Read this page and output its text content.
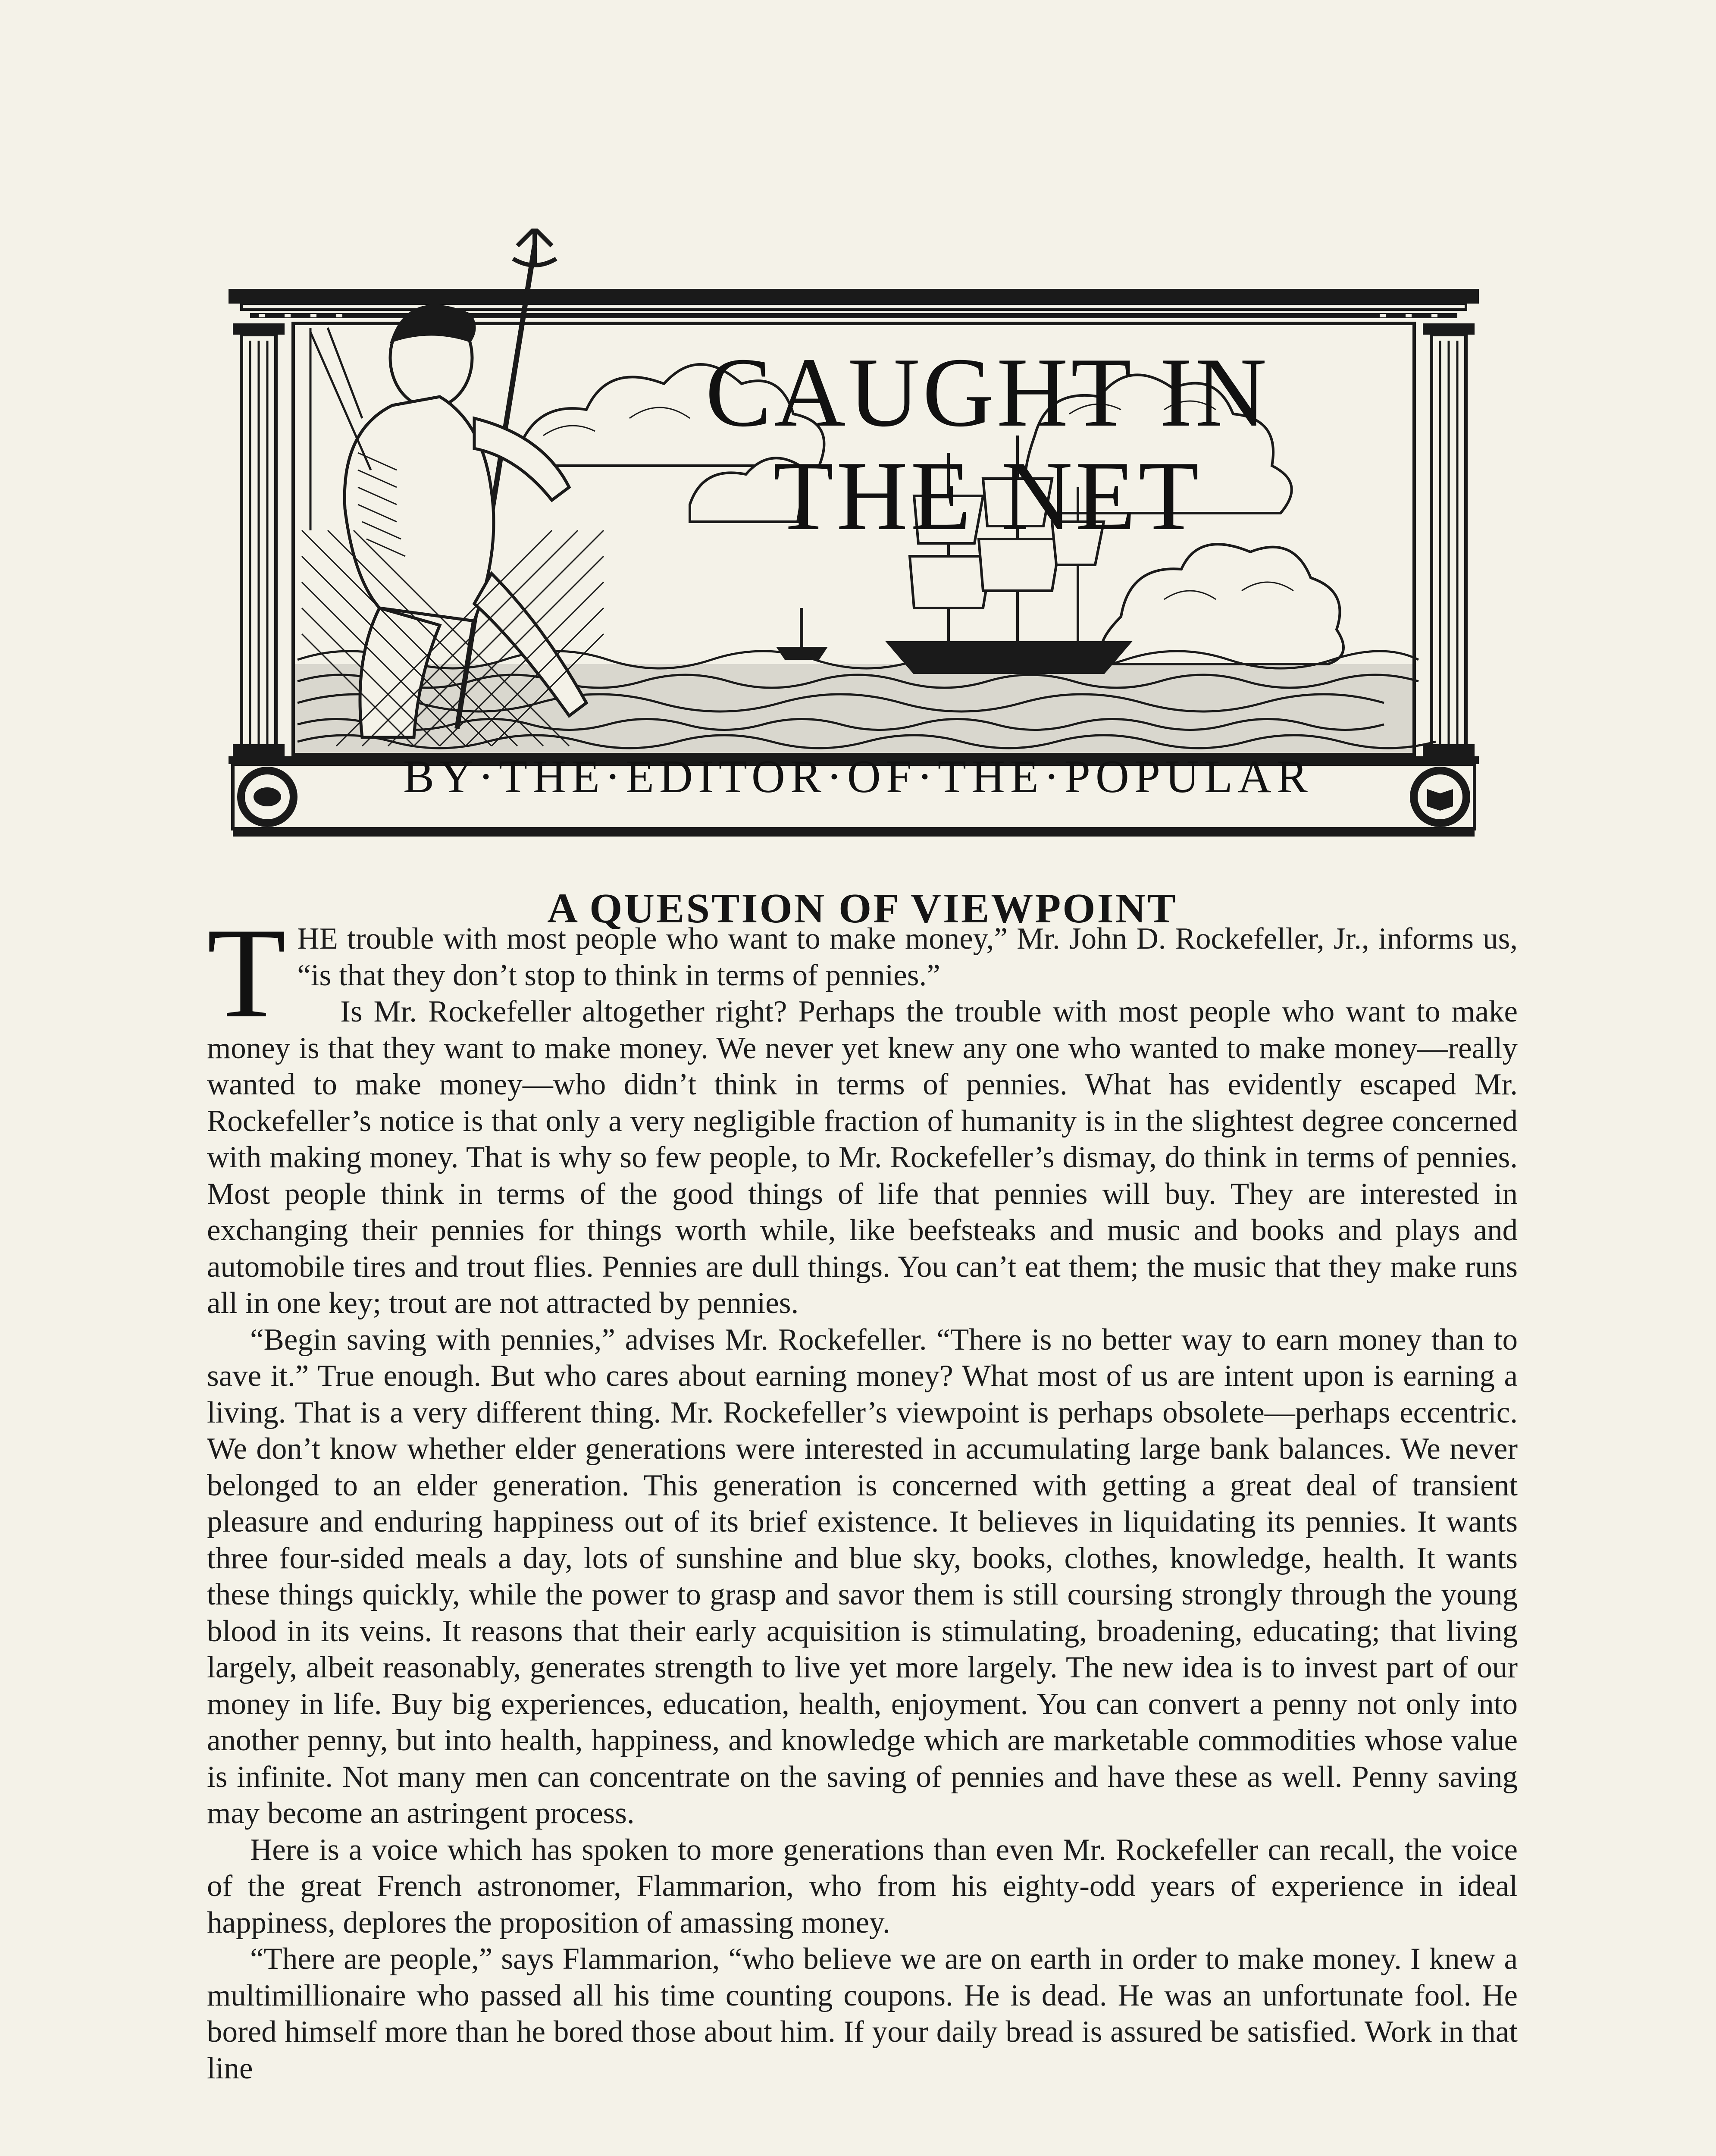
CAUGHT IN
THE NET
BY·THE·EDITOR·OF·THE·POPULAR
A QUESTION OF VIEWPOINT

THE trouble with most people who want to make money,” Mr. John D. Rockefeller, Jr., informs us, “is that they don’t stop to think in terms of pennies.”

Is Mr. Rockefeller altogether right? Perhaps the trouble with most people who want to make money is that they want to make money. We never yet knew any one who wanted to make money—really wanted to make money—who didn’t think in terms of pennies. What has evidently escaped Mr. Rockefeller’s notice is that only a very negligible fraction of humanity is in the slightest degree concerned with making money. That is why so few people, to Mr. Rockefeller’s dismay, do think in terms of pennies. Most people think in terms of the good things of life that pennies will buy. They are interested in exchanging their pennies for things worth while, like beefsteaks and music and books and plays and automobile tires and trout flies. Pennies are dull things. You can’t eat them; the music that they make runs all in one key; trout are not attracted by pennies.

“Begin saving with pennies,” advises Mr. Rockefeller. “There is no better way to earn money than to save it.” True enough. But who cares about earning money? What most of us are intent upon is earning a living. That is a very different thing. Mr. Rockefeller’s viewpoint is perhaps obsolete—perhaps eccentric. We don’t know whether elder generations were interested in accumulating large bank balances. We never belonged to an elder generation. This generation is concerned with getting a great deal of transient pleasure and enduring happiness out of its brief existence. It believes in liquidating its pennies. It wants three four-sided meals a day, lots of sunshine and blue sky, books, clothes, knowledge, health. It wants these things quickly, while the power to grasp and savor them is still coursing strongly through the young blood in its veins. It reasons that their early acquisition is stimulating, broadening, educating; that living largely, albeit reasonably, generates strength to live yet more largely. The new idea is to invest part of our money in life. Buy big experiences, education, health, enjoyment. You can convert a penny not only into another penny, but into health, happiness, and knowledge which are marketable commodities whose value is infinite. Not many men can concentrate on the saving of pennies and have these as well. Penny saving may become an astringent process.

Here is a voice which has spoken to more generations than even Mr. Rockefeller can recall, the voice of the great French astronomer, Flammarion, who from his eighty-odd years of experience in ideal happiness, deplores the proposition of amassing money.

“There are people,” says Flammarion, “who believe we are on earth in order to make money. I knew a multimillionaire who passed all his time counting coupons. He is dead. He was an unfortunate fool. He bored himself more than he bored those about him. If your daily bread is assured be satisfied. Work in that line
